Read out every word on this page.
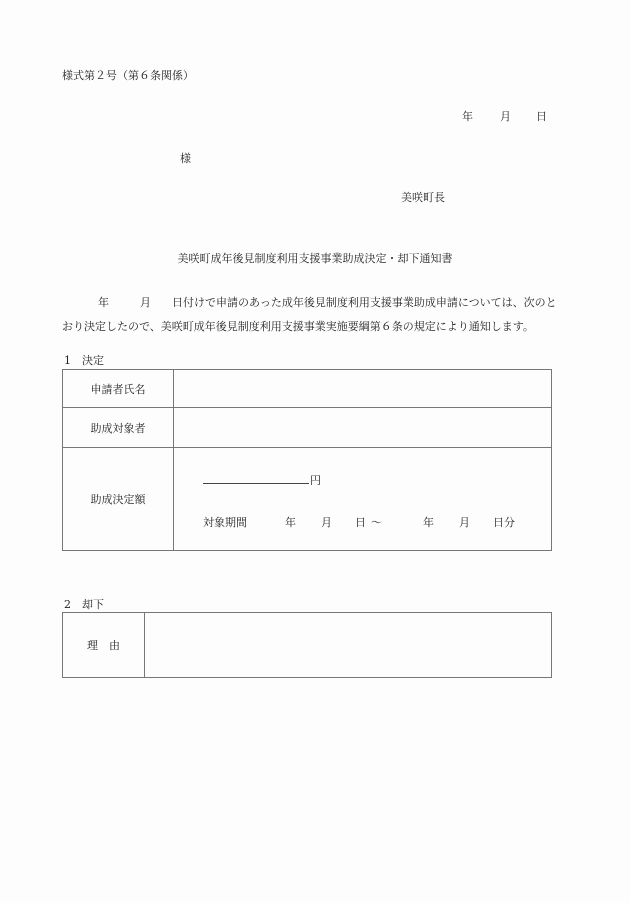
様式第２号（第６条関係）
年 月 日
様
美咲町長
美咲町成年後見制度利用支援事業助成決定・却下通知書
年	月 日付けで申請のあった成年後見制度利用支援事業助成申請については、次のとおり決定したので、美咲町成年後見制度利用支援事業実施要綱第６条の規定により通知します。
1　決定
申請者氏名	
助成対象者	
助成決定額	円
対象期間 年 月 日 ～ 年 月 日分
2　却下
理　由	
